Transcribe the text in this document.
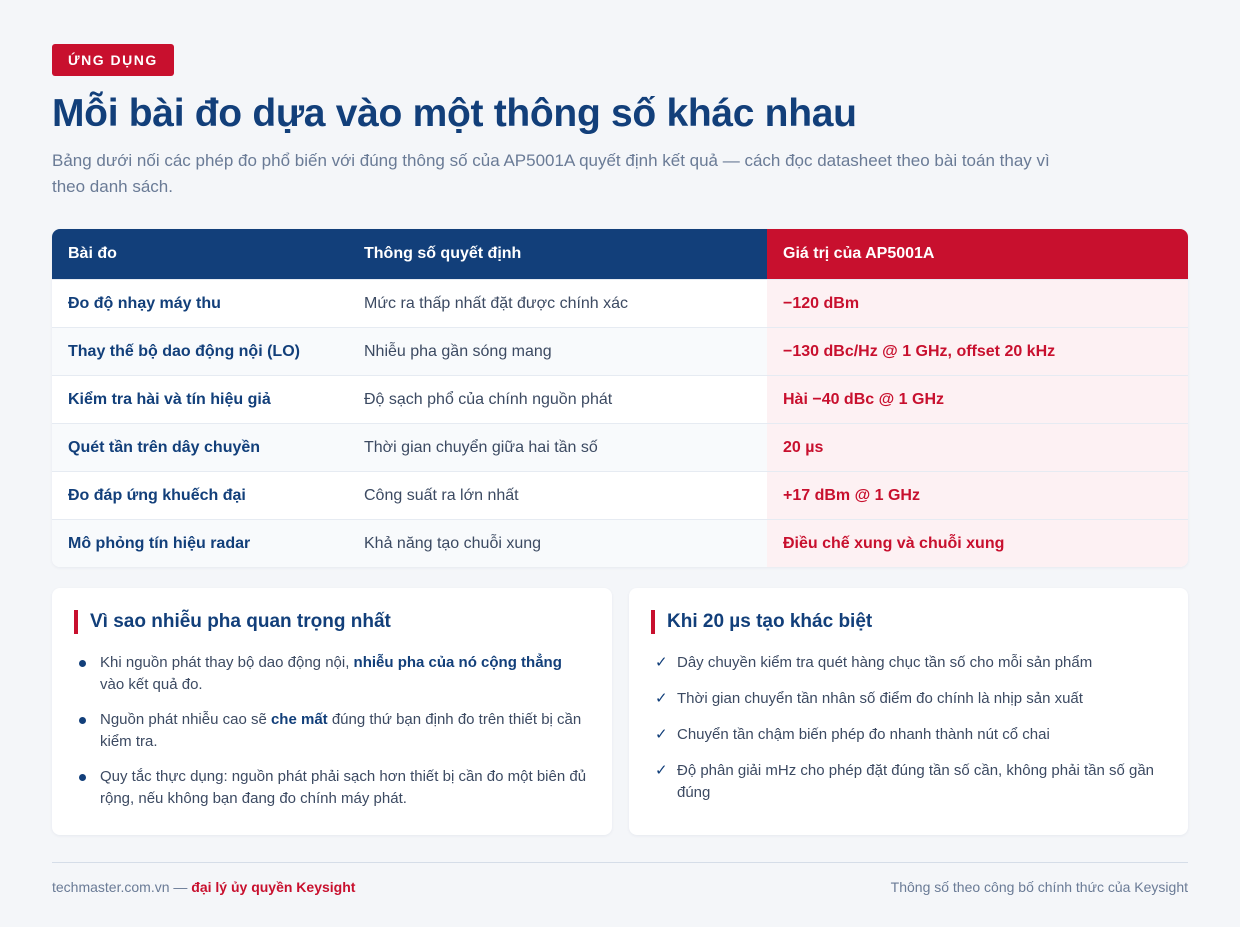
ỨNG DỤNG
Mỗi bài đo dựa vào một thông số khác nhau

Bảng dưới nối các phép đo phổ biến với đúng thông số của AP5001A quyết định kết quả — cách đọc datasheet theo bài toán thay vì theo danh sách.

Bài đo	Thông số quyết định	Giá trị của AP5001A
Đo độ nhạy máy thu	Mức ra thấp nhất đặt được chính xác	−120 dBm
Thay thế bộ dao động nội (LO)	Nhiễu pha gần sóng mang	−130 dBc/Hz @ 1 GHz, offset 20 kHz
Kiểm tra hài và tín hiệu giả	Độ sạch phổ của chính nguồn phát	Hài −40 dBc @ 1 GHz
Quét tần trên dây chuyền	Thời gian chuyển giữa hai tần số	20 µs
Đo đáp ứng khuếch đại	Công suất ra lớn nhất	+17 dBm @ 1 GHz
Mô phỏng tín hiệu radar	Khả năng tạo chuỗi xung	Điều chế xung và chuỗi xung
Vì sao nhiễu pha quan trọng nhất
Khi nguồn phát thay bộ dao động nội, nhiễu pha của nó cộng thẳng vào kết quả đo.
Nguồn phát nhiễu cao sẽ che mất đúng thứ bạn định đo trên thiết bị cần kiểm tra.
Quy tắc thực dụng: nguồn phát phải sạch hơn thiết bị cần đo một biên đủ rộng, nếu không bạn đang đo chính máy phát.
Khi 20 µs tạo khác biệt
✓ Dây chuyền kiểm tra quét hàng chục tần số cho mỗi sản phẩm
✓ Thời gian chuyển tần nhân số điểm đo chính là nhịp sản xuất
✓ Chuyển tần chậm biến phép đo nhanh thành nút cổ chai
✓ Độ phân giải mHz cho phép đặt đúng tần số cần, không phải tần số gần đúng
techmaster.com.vn — đại lý ủy quyền Keysight	Thông số theo công bố chính thức của Keysight
